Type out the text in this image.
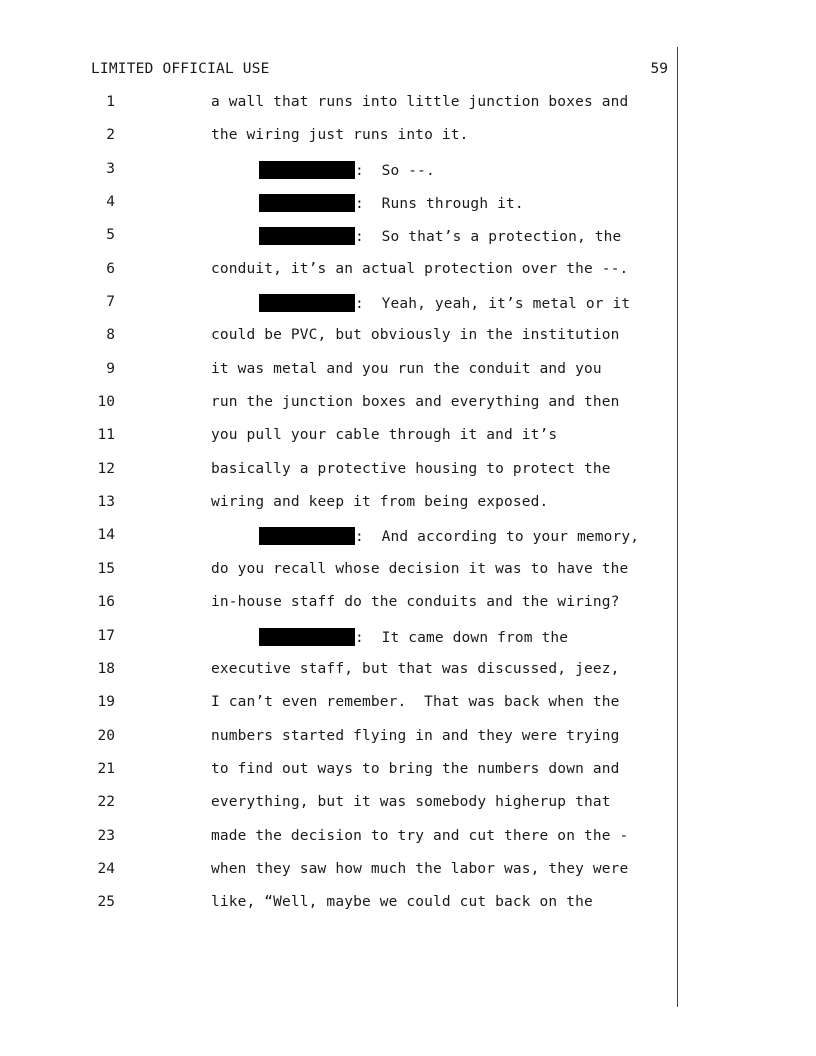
LIMITED OFFICIAL USE	59
1	a wall that runs into little junction boxes and
2	the wiring just runs into it.
3	:  So --.
4	:  Runs through it.
5	:  So that’s a protection, the
6	conduit, it’s an actual protection over the --.
7	:  Yeah, yeah, it’s metal or it
8	could be PVC, but obviously in the institution
9	it was metal and you run the conduit and you
10	run the junction boxes and everything and then
11	you pull your cable through it and it’s
12	basically a protective housing to protect the
13	wiring and keep it from being exposed.
14	:  And according to your memory,
15	do you recall whose decision it was to have the
16	in-house staff do the conduits and the wiring?
17	:  It came down from the
18	executive staff, but that was discussed, jeez,
19	I can’t even remember.  That was back when the
20	numbers started flying in and they were trying
21	to find out ways to bring the numbers down and
22	everything, but it was somebody higherup that
23	made the decision to try and cut there on the -
24	when they saw how much the labor was, they were
25	like, “Well, maybe we could cut back on the
